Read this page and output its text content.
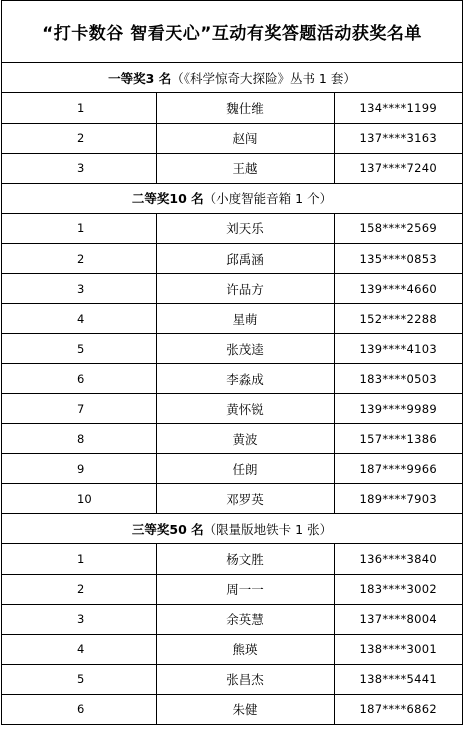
“打卡数谷 智看天心”互动有奖答题活动获奖名单
一等奖 3 名 （《科学惊奇大探险》丛书 1 套）
1	魏仕维	134****1199
2	赵闯	137****3163
3	王越	137****7240
二等奖 10 名 （小度智能音箱 1 个）
1	刘天乐	158****2569
2	邱禹涵	135****0853
3	许品方	139****4660
4	星萌	152****2288
5	张茂逵	139****4103
6	李淼成	183****0503
7	黄怀锐	139****9989
8	黄波	157****1386
9	任朗	187****9966
10	邓罗英	189****7903
三等奖 50 名 （限量版地铁卡 1 张）
1	杨文胜	136****3840
2	周一一	183****3002
3	余英慧	137****8004
4	熊瑛	138****3001
5	张昌杰	138****5441
6	朱健	187****6862
